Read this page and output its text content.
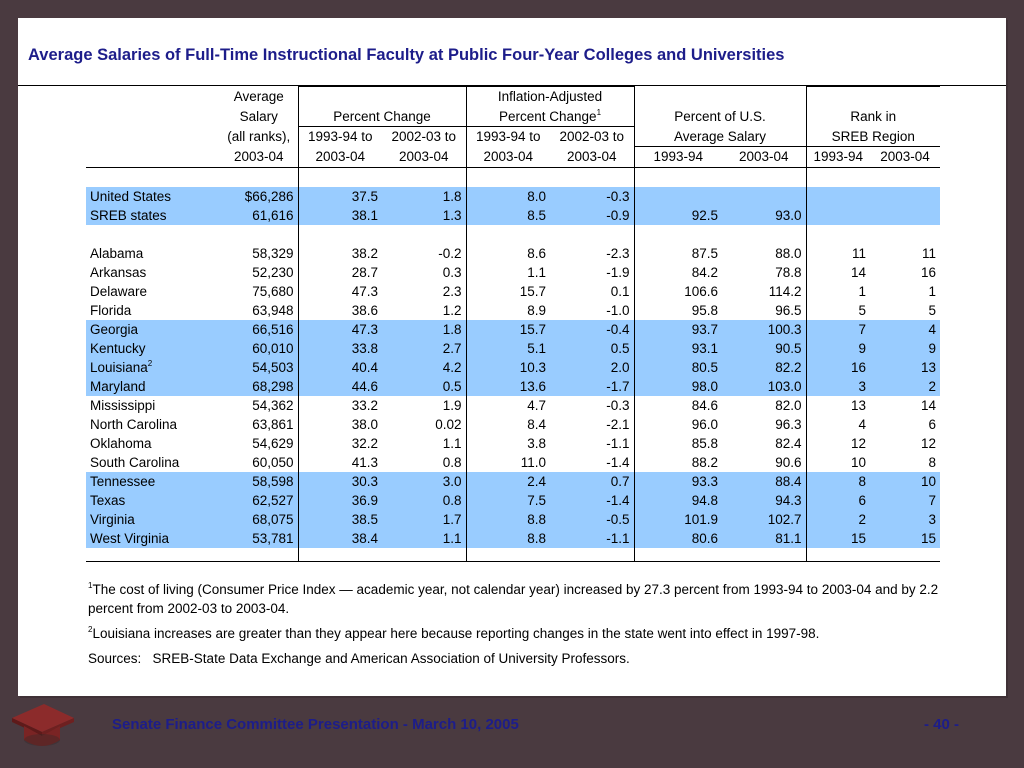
Average Salaries of Full-Time Instructional Faculty at Public Four-Year Colleges and Universities
	Average			Inflation-Adjusted					
	Salary	Percent Change		Percent Change$^1$		Percent of U.S.		Rank in	
	(all ranks),	1993-94 to	2002-03 to	1993-94 to	2002-03 to	Average Salary		SREB Region	
	2003-04	2003-04	2003-04	2003-04	2003-04	1993-94	2003-04	1993-94	2003-04

United States	$66,286	37.5	1.8	8.0	-0.3				
SREB states	61,616	38.1	1.3	8.5	-0.9	92.5	93.0		

Alabama	58,329	38.2	-0.2	8.6	-2.3	87.5	88.0	11	11
Arkansas	52,230	28.7	0.3	1.1	-1.9	84.2	78.8	14	16
Delaware	75,680	47.3	2.3	15.7	0.1	106.6	114.2	1	1
Florida	63,948	38.6	1.2	8.9	-1.0	95.8	96.5	5	5
Georgia	66,516	47.3	1.8	15.7	-0.4	93.7	100.3	7	4
Kentucky	60,010	33.8	2.7	5.1	0.5	93.1	90.5	9	9
Louisiana$^2$	54,503	40.4	4.2	10.3	2.0	80.5	82.2	16	13
Maryland	68,298	44.6	0.5	13.6	-1.7	98.0	103.0	3	2
Mississippi	54,362	33.2	1.9	4.7	-0.3	84.6	82.0	13	14
North Carolina	63,861	38.0	0.02	8.4	-2.1	96.0	96.3	4	6
Oklahoma	54,629	32.2	1.1	3.8	-1.1	85.8	82.4	12	12
South Carolina	60,050	41.3	0.8	11.0	-1.4	88.2	90.6	10	8
Tennessee	58,598	30.3	3.0	2.4	0.7	93.3	88.4	8	10
Texas	62,527	36.9	0.8	7.5	-1.4	94.8	94.3	6	7
Virginia	68,075	38.5	1.7	8.8	-0.5	101.9	102.7	2	3
West Virginia	53,781	38.4	1.1	8.8	-1.1	80.6	81.1	15	15

$^1$The cost of living (Consumer Price Index — academic year, not calendar year) increased by 27.3 percent from 1993-94 to 2003-04 and by 2.2 percent from 2002-03 to 2003-04.

$^2$Louisiana increases are greater than they appear here because reporting changes in the state went into effect in 1997-98.

Sources: SREB-State Data Exchange and American Association of University Professors.

Senate Finance Committee Presentation - March 10, 2005	- 40 -
